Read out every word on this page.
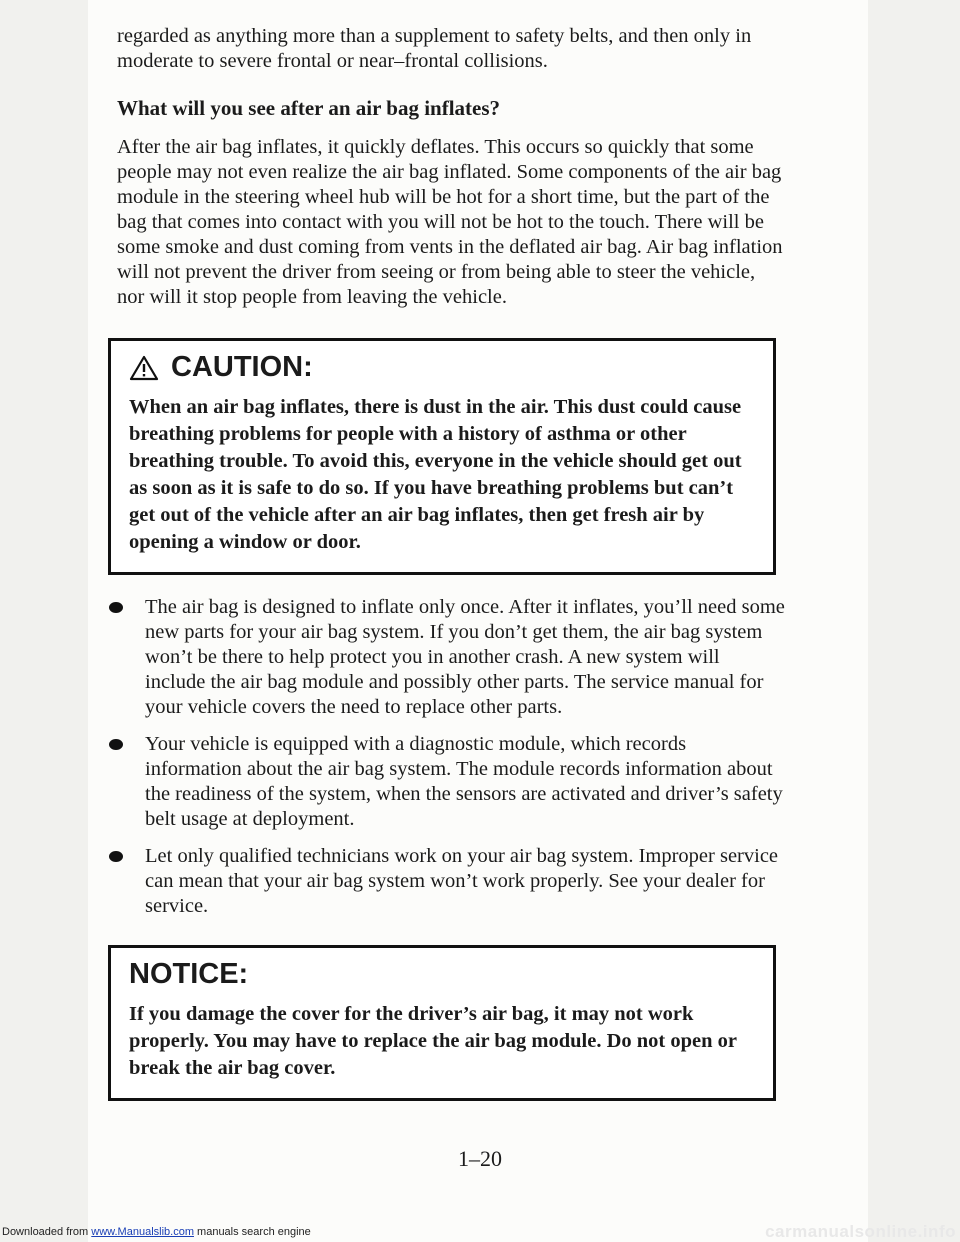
regarded as anything more than a supplement to safety belts, and then only in moderate to severe frontal or near–frontal collisions.

What will you see after an air bag inflates?

After the air bag inflates, it quickly deflates. This occurs so quickly that some people may not even realize the air bag inflated. Some components of the air bag module in the steering wheel hub will be hot for a short time, but the part of the bag that comes into contact with you will not be hot to the touch. There will be some smoke and dust coming from vents in the deflated air bag. Air bag inflation will not prevent the driver from seeing or from being able to steer the vehicle, nor will it stop people from leaving the vehicle.

CAUTION:
When an air bag inflates, there is dust in the air. This dust could cause breathing problems for people with a history of asthma or other breathing trouble. To avoid this, everyone in the vehicle should get out as soon as it is safe to do so. If you have breathing problems but can’t get out of the vehicle after an air bag inflates, then get fresh air by opening a window or door.
The air bag is designed to inflate only once. After it inflates, you’ll need some new parts for your air bag system. If you don’t get them, the air bag system won’t be there to help protect you in another crash. A new system will include the air bag module and possibly other parts. The service manual for your vehicle covers the need to replace other parts.
Your vehicle is equipped with a diagnostic module, which records information about the air bag system. The module records information about the readiness of the system, when the sensors are activated and driver’s safety belt usage at deployment.
Let only qualified technicians work on your air bag system. Improper service can mean that your air bag system won’t work properly. See your dealer for service.
NOTICE:
If you damage the cover for the driver’s air bag, it may not work properly. You may have to replace the air bag module. Do not open or break the air bag cover.
1–20
Downloaded from www.Manualslib.com manuals search engine	carmanualsonline.info
